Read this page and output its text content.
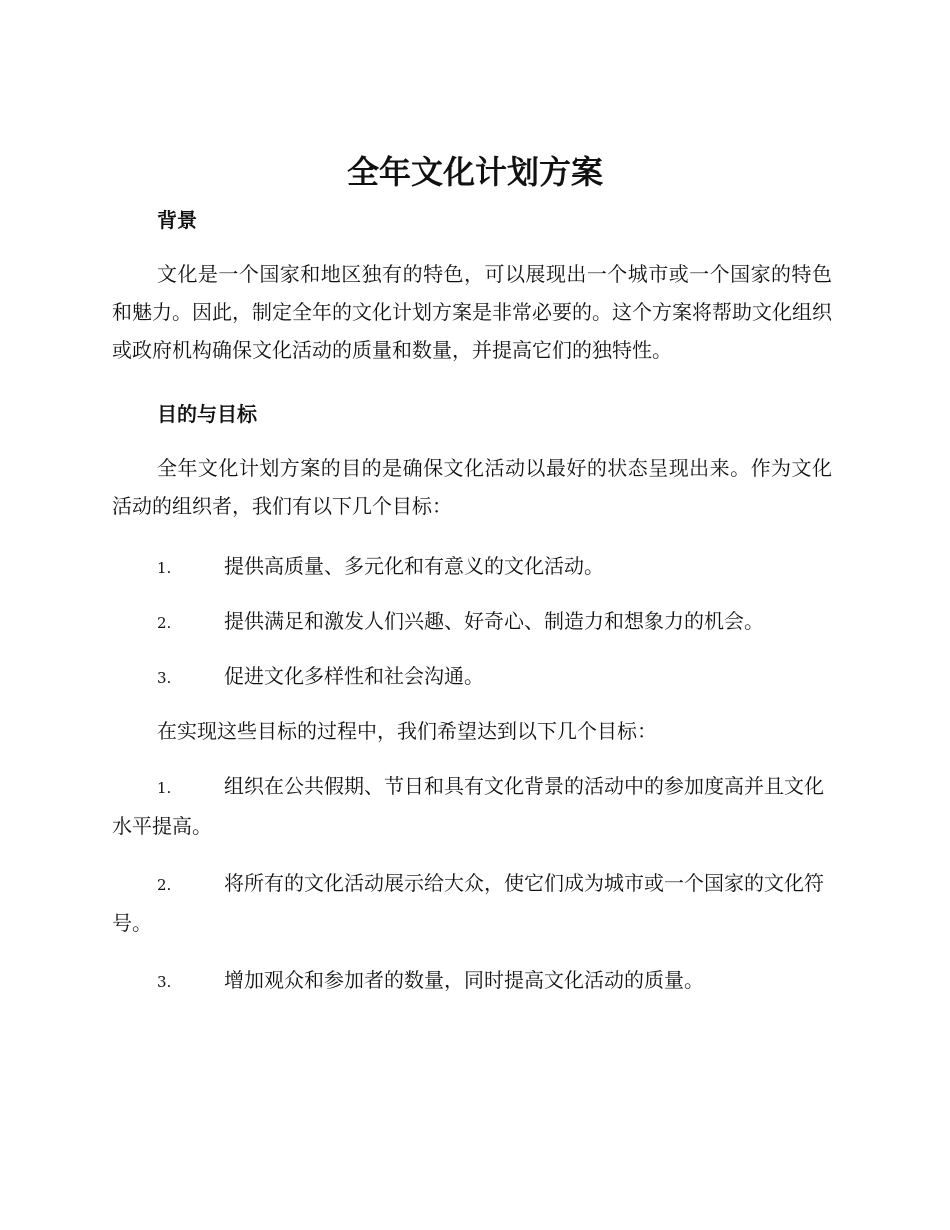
全年文化计划方案
背景

文化是一个国家和地区独有的特色，可以展现出一个城市或一个国家的特色和魅力。因此，制定全年的文化计划方案是非常必要的。这个方案将帮助文化组织或政府机构确保文化活动的质量和数量，并提高它们的独特性。

目的与目标

全年文化计划方案的目的是确保文化活动以最好的状态呈现出来。作为文化活动的组织者，我们有以下几个目标：

1.	提供高质量、多元化和有意义的文化活动。
2.	提供满足和激发人们兴趣、好奇心、制造力和想象力的机会。
3.	促进文化多样性和社会沟通。

在实现这些目标的过程中，我们希望达到以下几个目标：

1.	组织在公共假期、节日和具有文化背景的活动中的参加度高并且文化水平提高。
2.	将所有的文化活动展示给大众，使它们成为城市或一个国家的文化符号。
3.	增加观众和参加者的数量，同时提高文化活动的质量。
